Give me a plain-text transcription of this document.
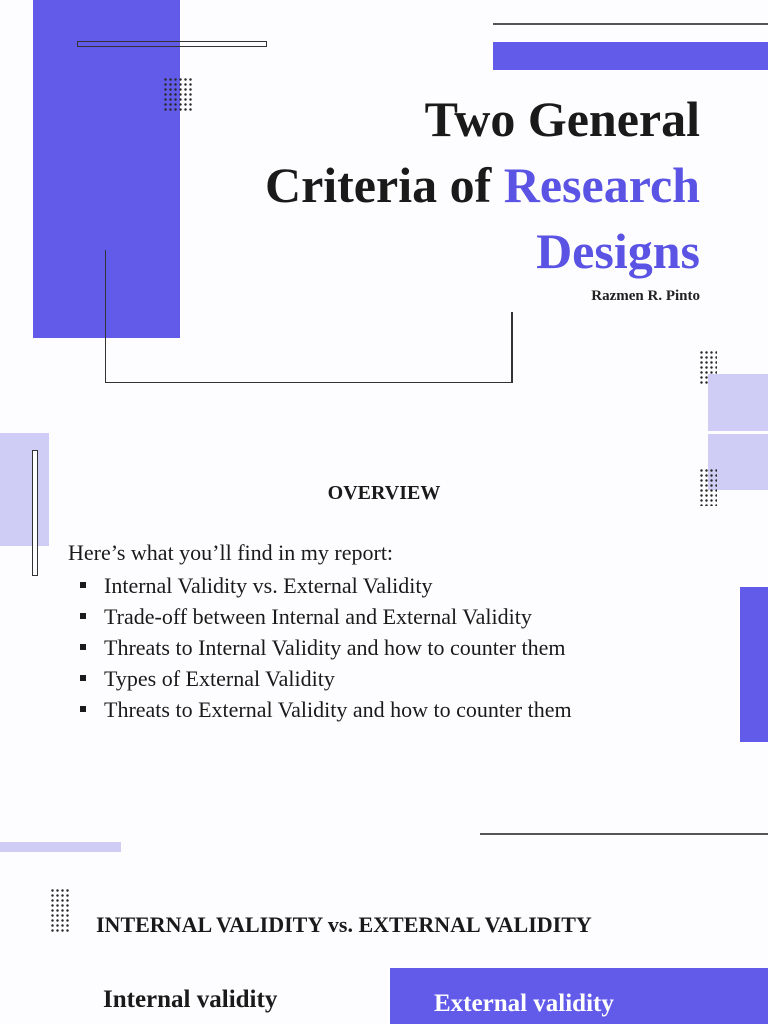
Two General
Criteria of Research
Designs
Razmen R. Pinto
OVERVIEW
Here’s what you’ll find in my report:
Internal Validity vs. External Validity
Trade-off between Internal and External Validity
Threats to Internal Validity and how to counter them
Types of External Validity
Threats to External Validity and how to counter them
INTERNAL VALIDITY vs. EXTERNAL VALIDITY
Internal validity	External validity
